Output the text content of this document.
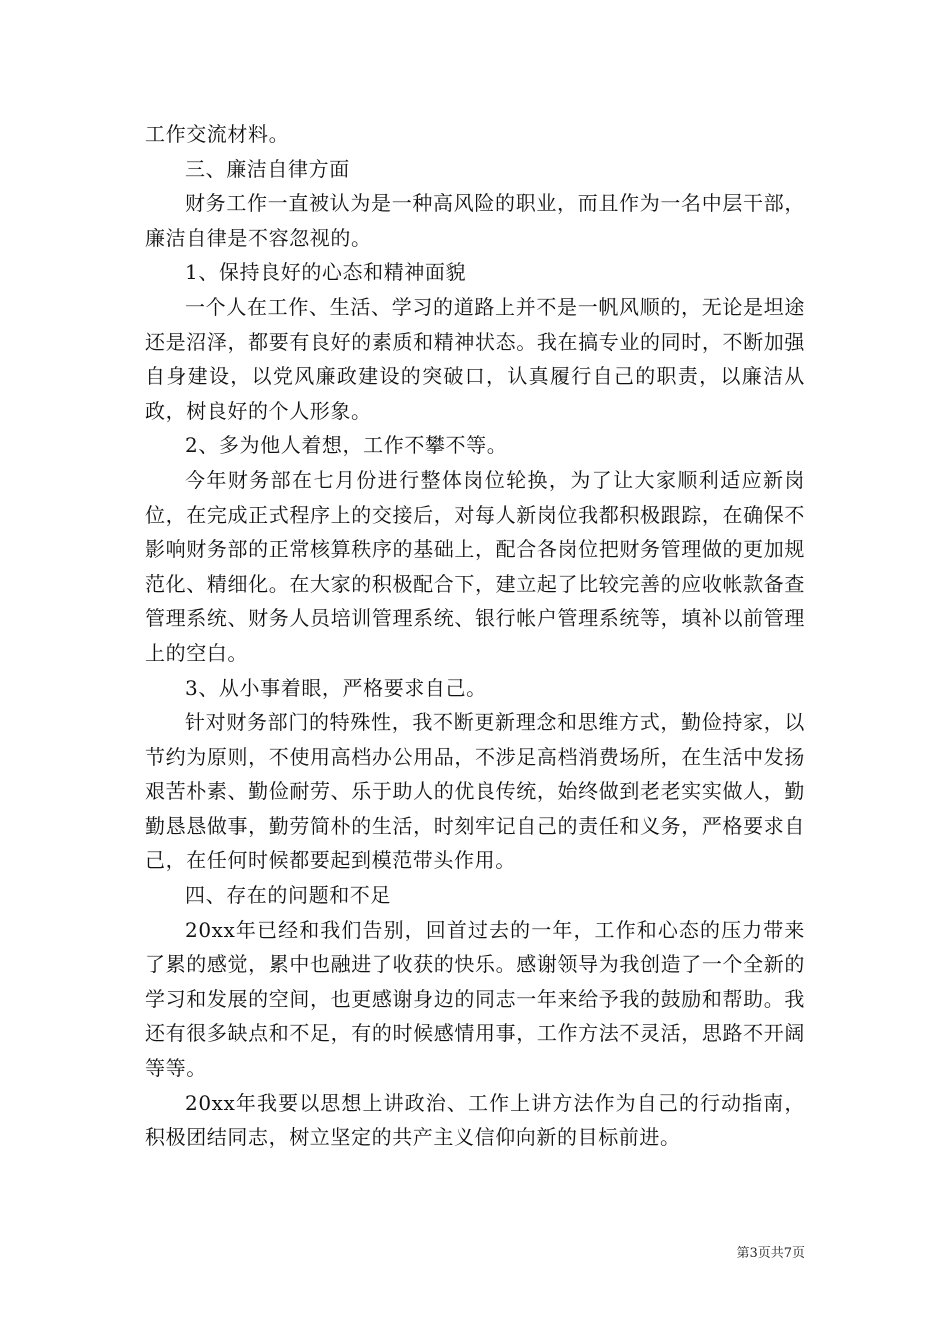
工作交流材料。

三、廉洁自律方面

财务工作一直被认为是一种高风险的职业，而且作为一名中层干部，廉洁自律是不容忽视的。

1、保持良好的心态和精神面貌

一个人在工作、生活、学习的道路上并不是一帆风顺的，无论是坦途还是沼泽，都要有良好的素质和精神状态。我在搞专业的同时，不断加强自身建设，以党风廉政建设的突破口，认真履行自己的职责，以廉洁从政，树良好的个人形象。

2、多为他人着想，工作不攀不等。

今年财务部在七月份进行整体岗位轮换，为了让大家顺利适应新岗位，在完成正式程序上的交接后，对每人新岗位我都积极跟踪，在确保不影响财务部的正常核算秩序的基础上，配合各岗位把财务管理做的更加规范化、精细化。在大家的积极配合下，建立起了比较完善的应收帐款备查管理系统、财务人员培训管理系统、银行帐户管理系统等，填补以前管理上的空白。

3、从小事着眼，严格要求自己。

针对财务部门的特殊性，我不断更新理念和思维方式，勤俭持家，以节约为原则，不使用高档办公用品，不涉足高档消费场所，在生活中发扬艰苦朴素、勤俭耐劳、乐于助人的优良传统，始终做到老老实实做人，勤勤恳恳做事，勤劳简朴的生活，时刻牢记自己的责任和义务，严格要求自己，在任何时候都要起到模范带头作用。

四、存在的问题和不足

20xx年已经和我们告别，回首过去的一年，工作和心态的压力带来了累的感觉，累中也融进了收获的快乐。感谢领导为我创造了一个全新的学习和发展的空间，也更感谢身边的同志一年来给予我的鼓励和帮助。我还有很多缺点和不足，有的时候感情用事，工作方法不灵活，思路不开阔等等。

20xx年我要以思想上讲政治、工作上讲方法作为自己的行动指南，积极团结同志，树立坚定的共产主义信仰向新的目标前进。

第3页共7页
